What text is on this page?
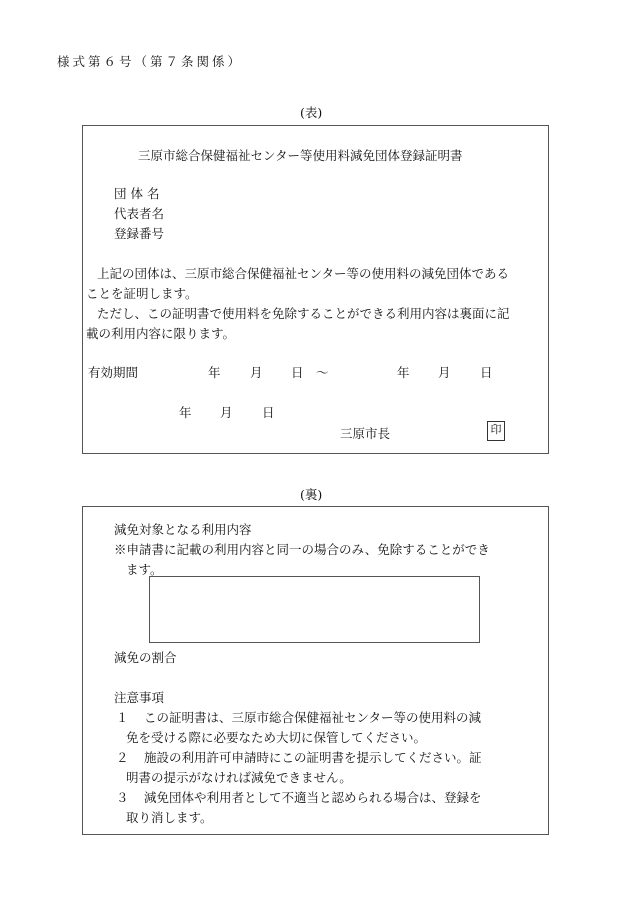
様式第６号（第７条関係）
(表)
三原市総合保健福祉センター等使用料減免団体登録証明書
団体名
代表者名
登録番号
上記の団体は、三原市総合保健福祉センター等の使用料の減免団体である
ことを証明します。
ただし、この証明書で使用料を免除することができる利用内容は裏面に記
載の利用内容に限ります。
有効期間	年 月 日 ～	年 月 日
年 月 日
三原市長	印
(裏)
減免対象となる利用内容
※申請書に記載の利用内容と同一の場合のみ、免除することができ
ます。
減免の割合
注意事項
１ この証明書は、三原市総合保健福祉センター等の使用料の減
免を受ける際に必要なため大切に保管してください。
２ 施設の利用許可申請時にこの証明書を提示してください。証
明書の提示がなければ減免できません。
３ 減免団体や利用者として不適当と認められる場合は、登録を
取り消します。
